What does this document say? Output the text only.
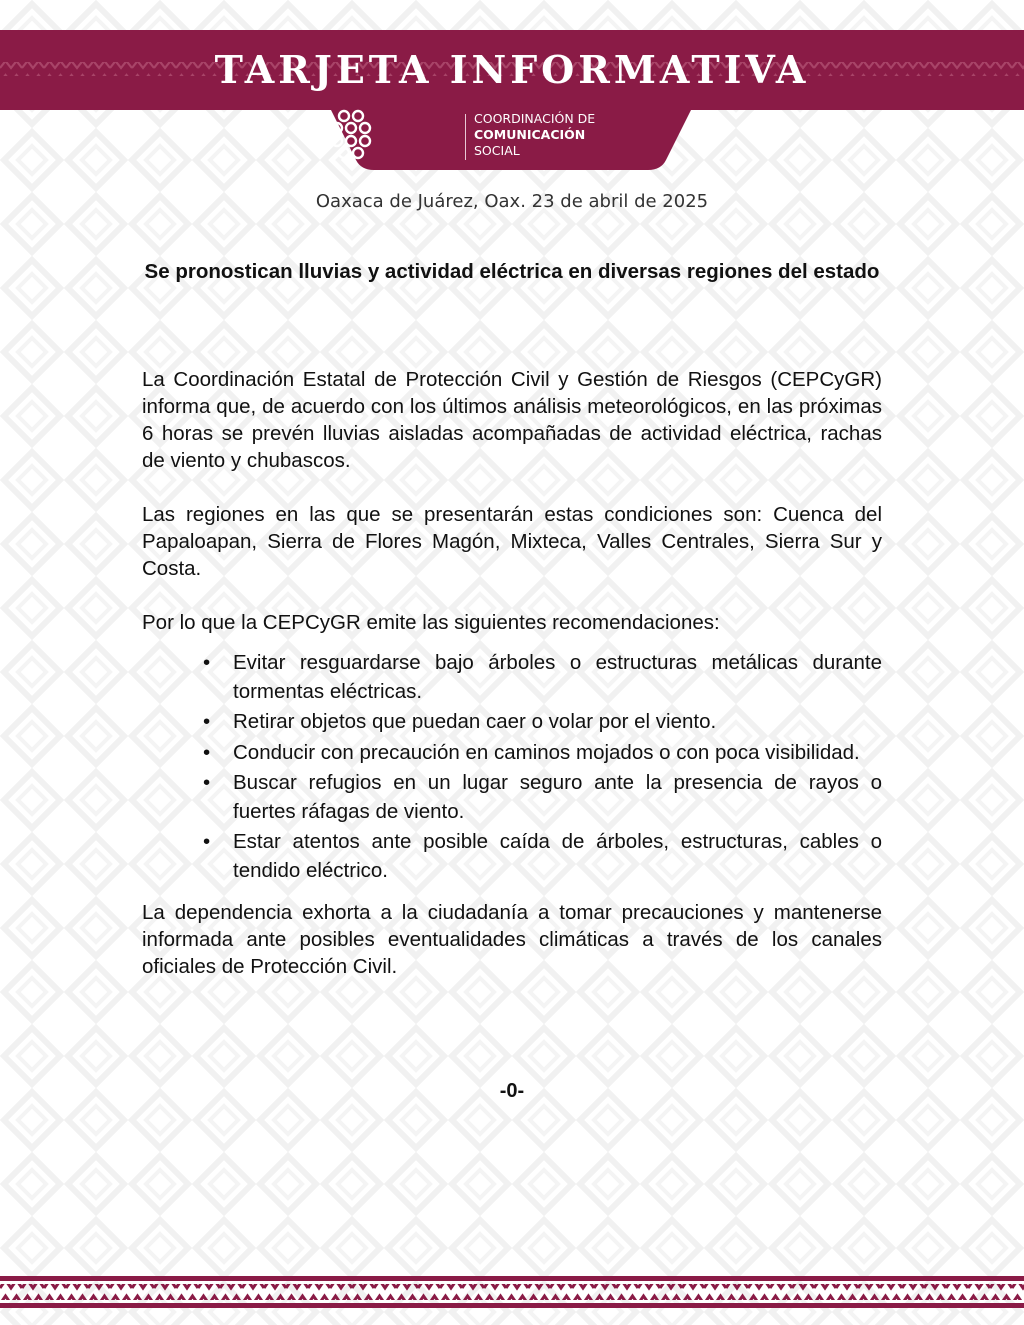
TARJETA INFORMATIVA
COORDINACIÓN DE
COMUNICACIÓN
SOCIAL
Oaxaca de Juárez, Oax. 23 de abril de 2025
Se pronostican lluvias y actividad eléctrica en diversas regiones del estado

La Coordinación Estatal de Protección Civil y Gestión de Riesgos (CEPCyGR) informa que, de acuerdo con los últimos análisis meteorológicos, en las próximas 6 horas se prevén lluvias aisladas acompañadas de actividad eléctrica, rachas de viento y chubascos.

Las regiones en las que se presentarán estas condiciones son: Cuenca del Papaloapan, Sierra de Flores Magón, Mixteca, Valles Centrales, Sierra Sur y Costa.

Por lo que la CEPCyGR emite las siguientes recomendaciones:

• Evitar resguardarse bajo árboles o estructuras metálicas durante tormentas eléctricas.
• Retirar objetos que puedan caer o volar por el viento.
• Conducir con precaución en caminos mojados o con poca visibilidad.
• Buscar refugios en un lugar seguro ante la presencia de rayos o fuertes ráfagas de viento.
• Estar atentos ante posible caída de árboles, estructuras, cables o tendido eléctrico.

La dependencia exhorta a la ciudadanía a tomar precauciones y mantenerse informada ante posibles eventualidades climáticas a través de los canales oficiales de Protección Civil.

-0-
